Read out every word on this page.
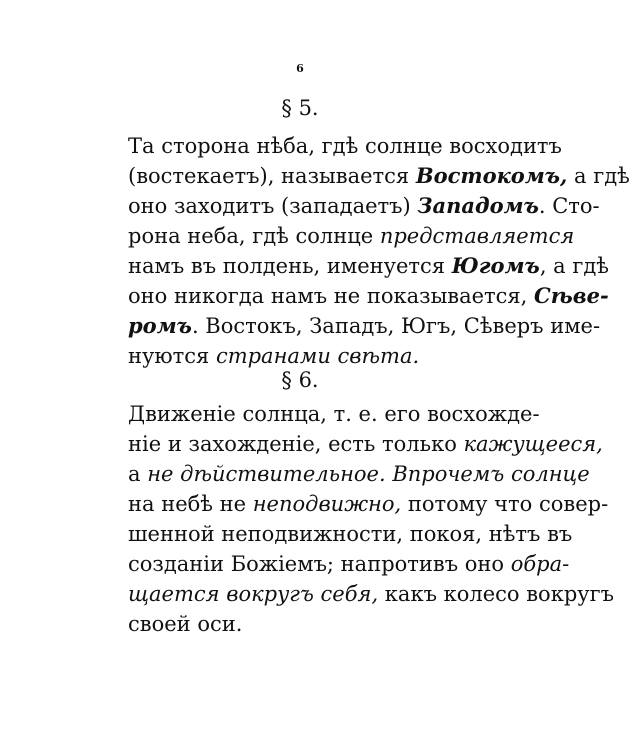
6
§ 5.
Та сторона нѣба, гдѣ солнце восходитъ
(востекаетъ), называется Востокомъ, а гдѣ
оно заходитъ (западаетъ) Западомъ. Сто-
рона неба, гдѣ солнце представляется
намъ въ полдень, именуется Югомъ, а гдѣ
оно никогда намъ не показывается, Сѣве-
ромъ. Востокъ, Западъ, Югъ, Сѣверъ име-
нуются странами свѣта.
§ 6.
Движеніе солнца, т. е. его восхожде-
ніе и захожденіе, есть только кажущееся,
а не дѣйствительное. Впрочемъ солнце
на небѣ не неподвижно, потому что совер-
шенной неподвижности, покоя, нѣтъ въ
созданіи Божіемъ; напротивъ оно обра-
щается вокругъ себя, какъ колесо вокругъ
своей оси.
